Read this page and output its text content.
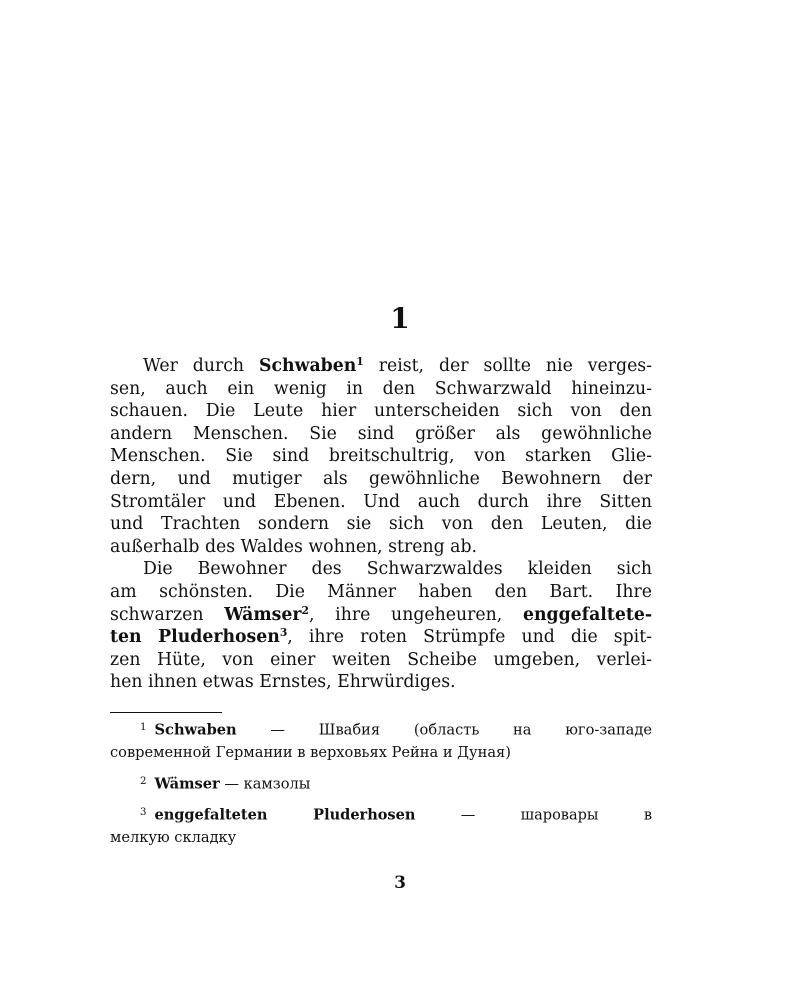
1
Wer durch Schwaben$^1$ reist, der sollte nie verges-
sen, auch ein wenig in den Schwarzwald hineinzu-
schauen. Die Leute hier unterscheiden sich von den
andern Menschen. Sie sind größer als gewöhnliche
Menschen. Sie sind breitschultrig, von starken Glie-
dern, und mutiger als gewöhnliche Bewohnern der
Stromtäler und Ebenen. Und auch durch ihre Sitten
und Trachten sondern sie sich von den Leuten, die
außerhalb des Waldes wohnen, streng ab.
Die Bewohner des Schwarzwaldes kleiden sich
am schönsten. Die Männer haben den Bart. Ihre
schwarzen Wämser$^2$, ihre ungeheuren, enggefaltete-
ten Pluderhosen$^3$, ihre roten Strümpfe und die spit-
zen Hüte, von einer weiten Scheibe umgeben, verlei-
hen ihnen etwas Ernstes, Ehrwürdiges.
$^1$ Schwaben — Швабия (область на юго-западе
современной Германии в верховьях Рейна и Дуная)
$^2$ Wämser — камзолы
$^3$ enggefalteten Pluderhosen — шаровары в
мелкую складку
3
